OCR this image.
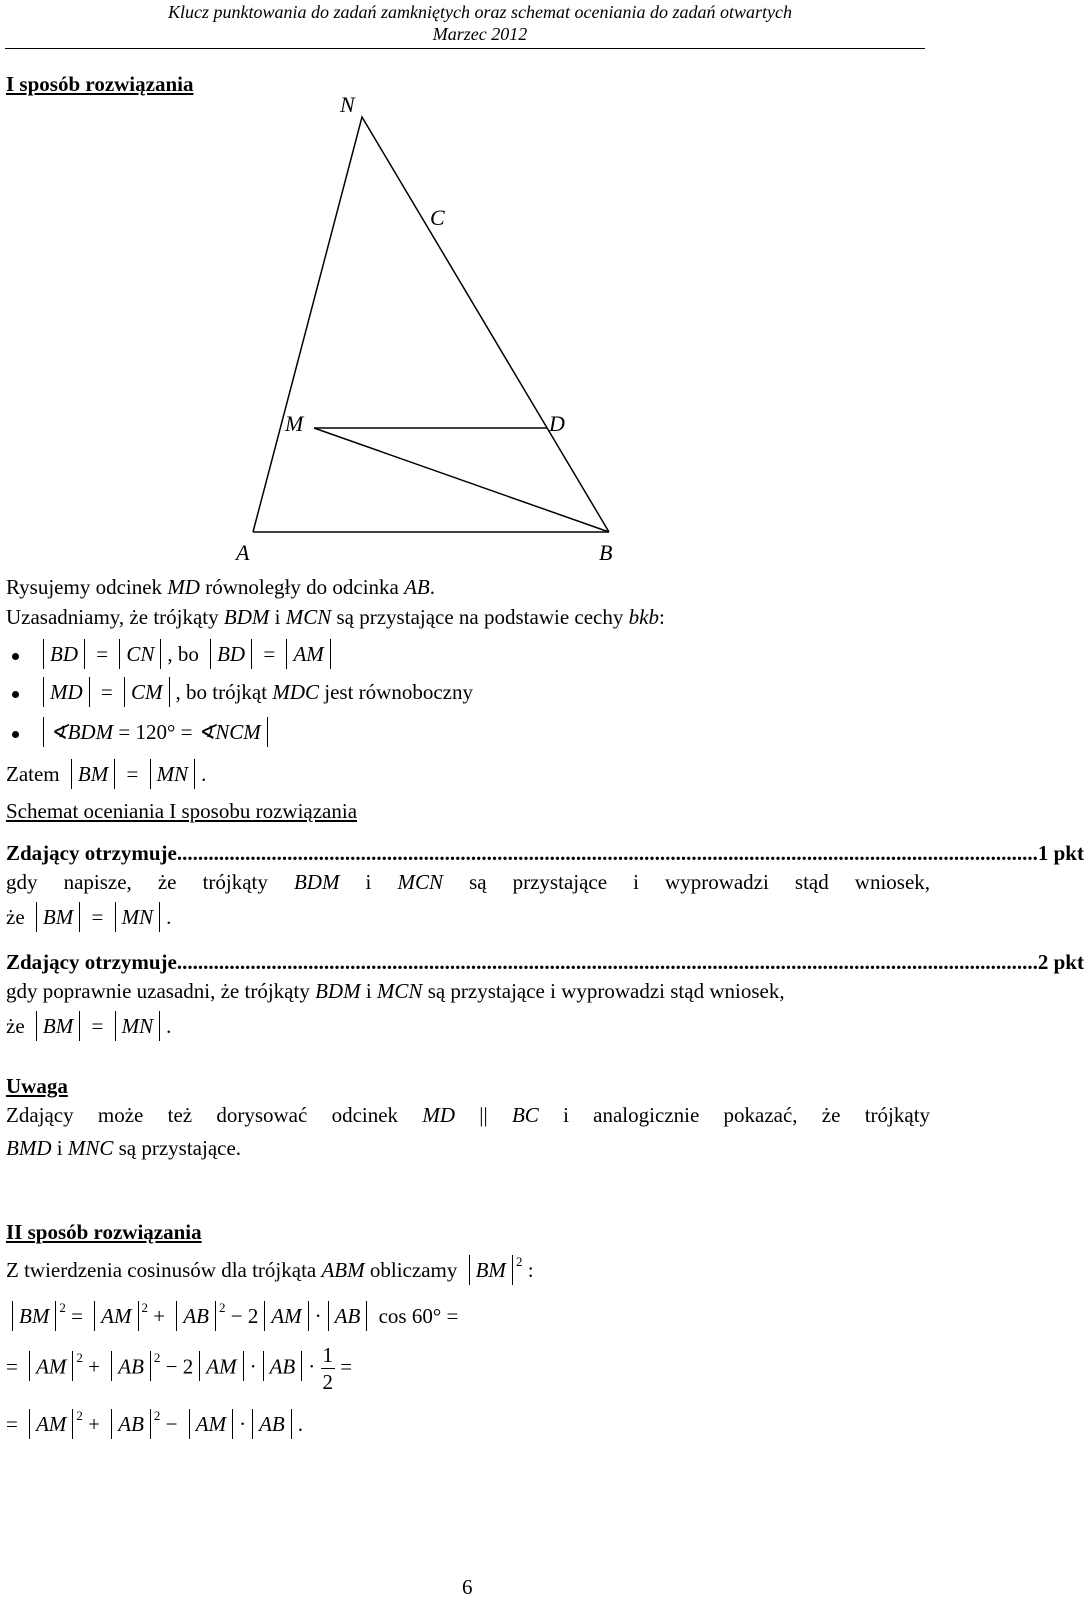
Klucz punktowania do zadań zamkniętych oraz schemat oceniania do zadań otwartych
Marzec 2012
I sposób rozwiązania
N
C
M	D
A	B
Rysujemy odcinek MD równoległy do odcinka AB.
Uzasadniamy, że trójkąty BDM i MCN są przystające na podstawie cechy bkb:
BD = CN , bo BD = AM
MD = CM , bo trójkąt MDC jest równoboczny
∢BDM = 120° = ∢NCM
Zatem BM = MN .
Schemat oceniania I sposobu rozwiązania
Zdający otrzymuje .................................................................................................................................................................... 1 pkt
gdy napisze, że trójkąty BDM i MCN są przystające i wyprowadzi stąd wniosek,
że BM = MN .
Zdający otrzymuje .................................................................................................................................................................... 2 pkt
gdy poprawnie uzasadni, że trójkąty BDM i MCN są przystające i wyprowadzi stąd wniosek,
że BM = MN .
Uwaga
Zdający może też dorysować odcinek MD || BC i analogicznie pokazać, że trójkąty
BMD i MNC są przystające.
II sposób rozwiązania
Z twierdzenia cosinusów dla trójkąta ABM obliczamy BM $^2$ :
BM $^2$ = AM $^2$ + AB $^2$ − 2 AM · AB cos 60° =
= AM $^2$ + AB $^2$ − 2 AM · AB · $\frac{1}{2}$ =
= AM $^2$ + AB $^2$ − AM · AB .
6
